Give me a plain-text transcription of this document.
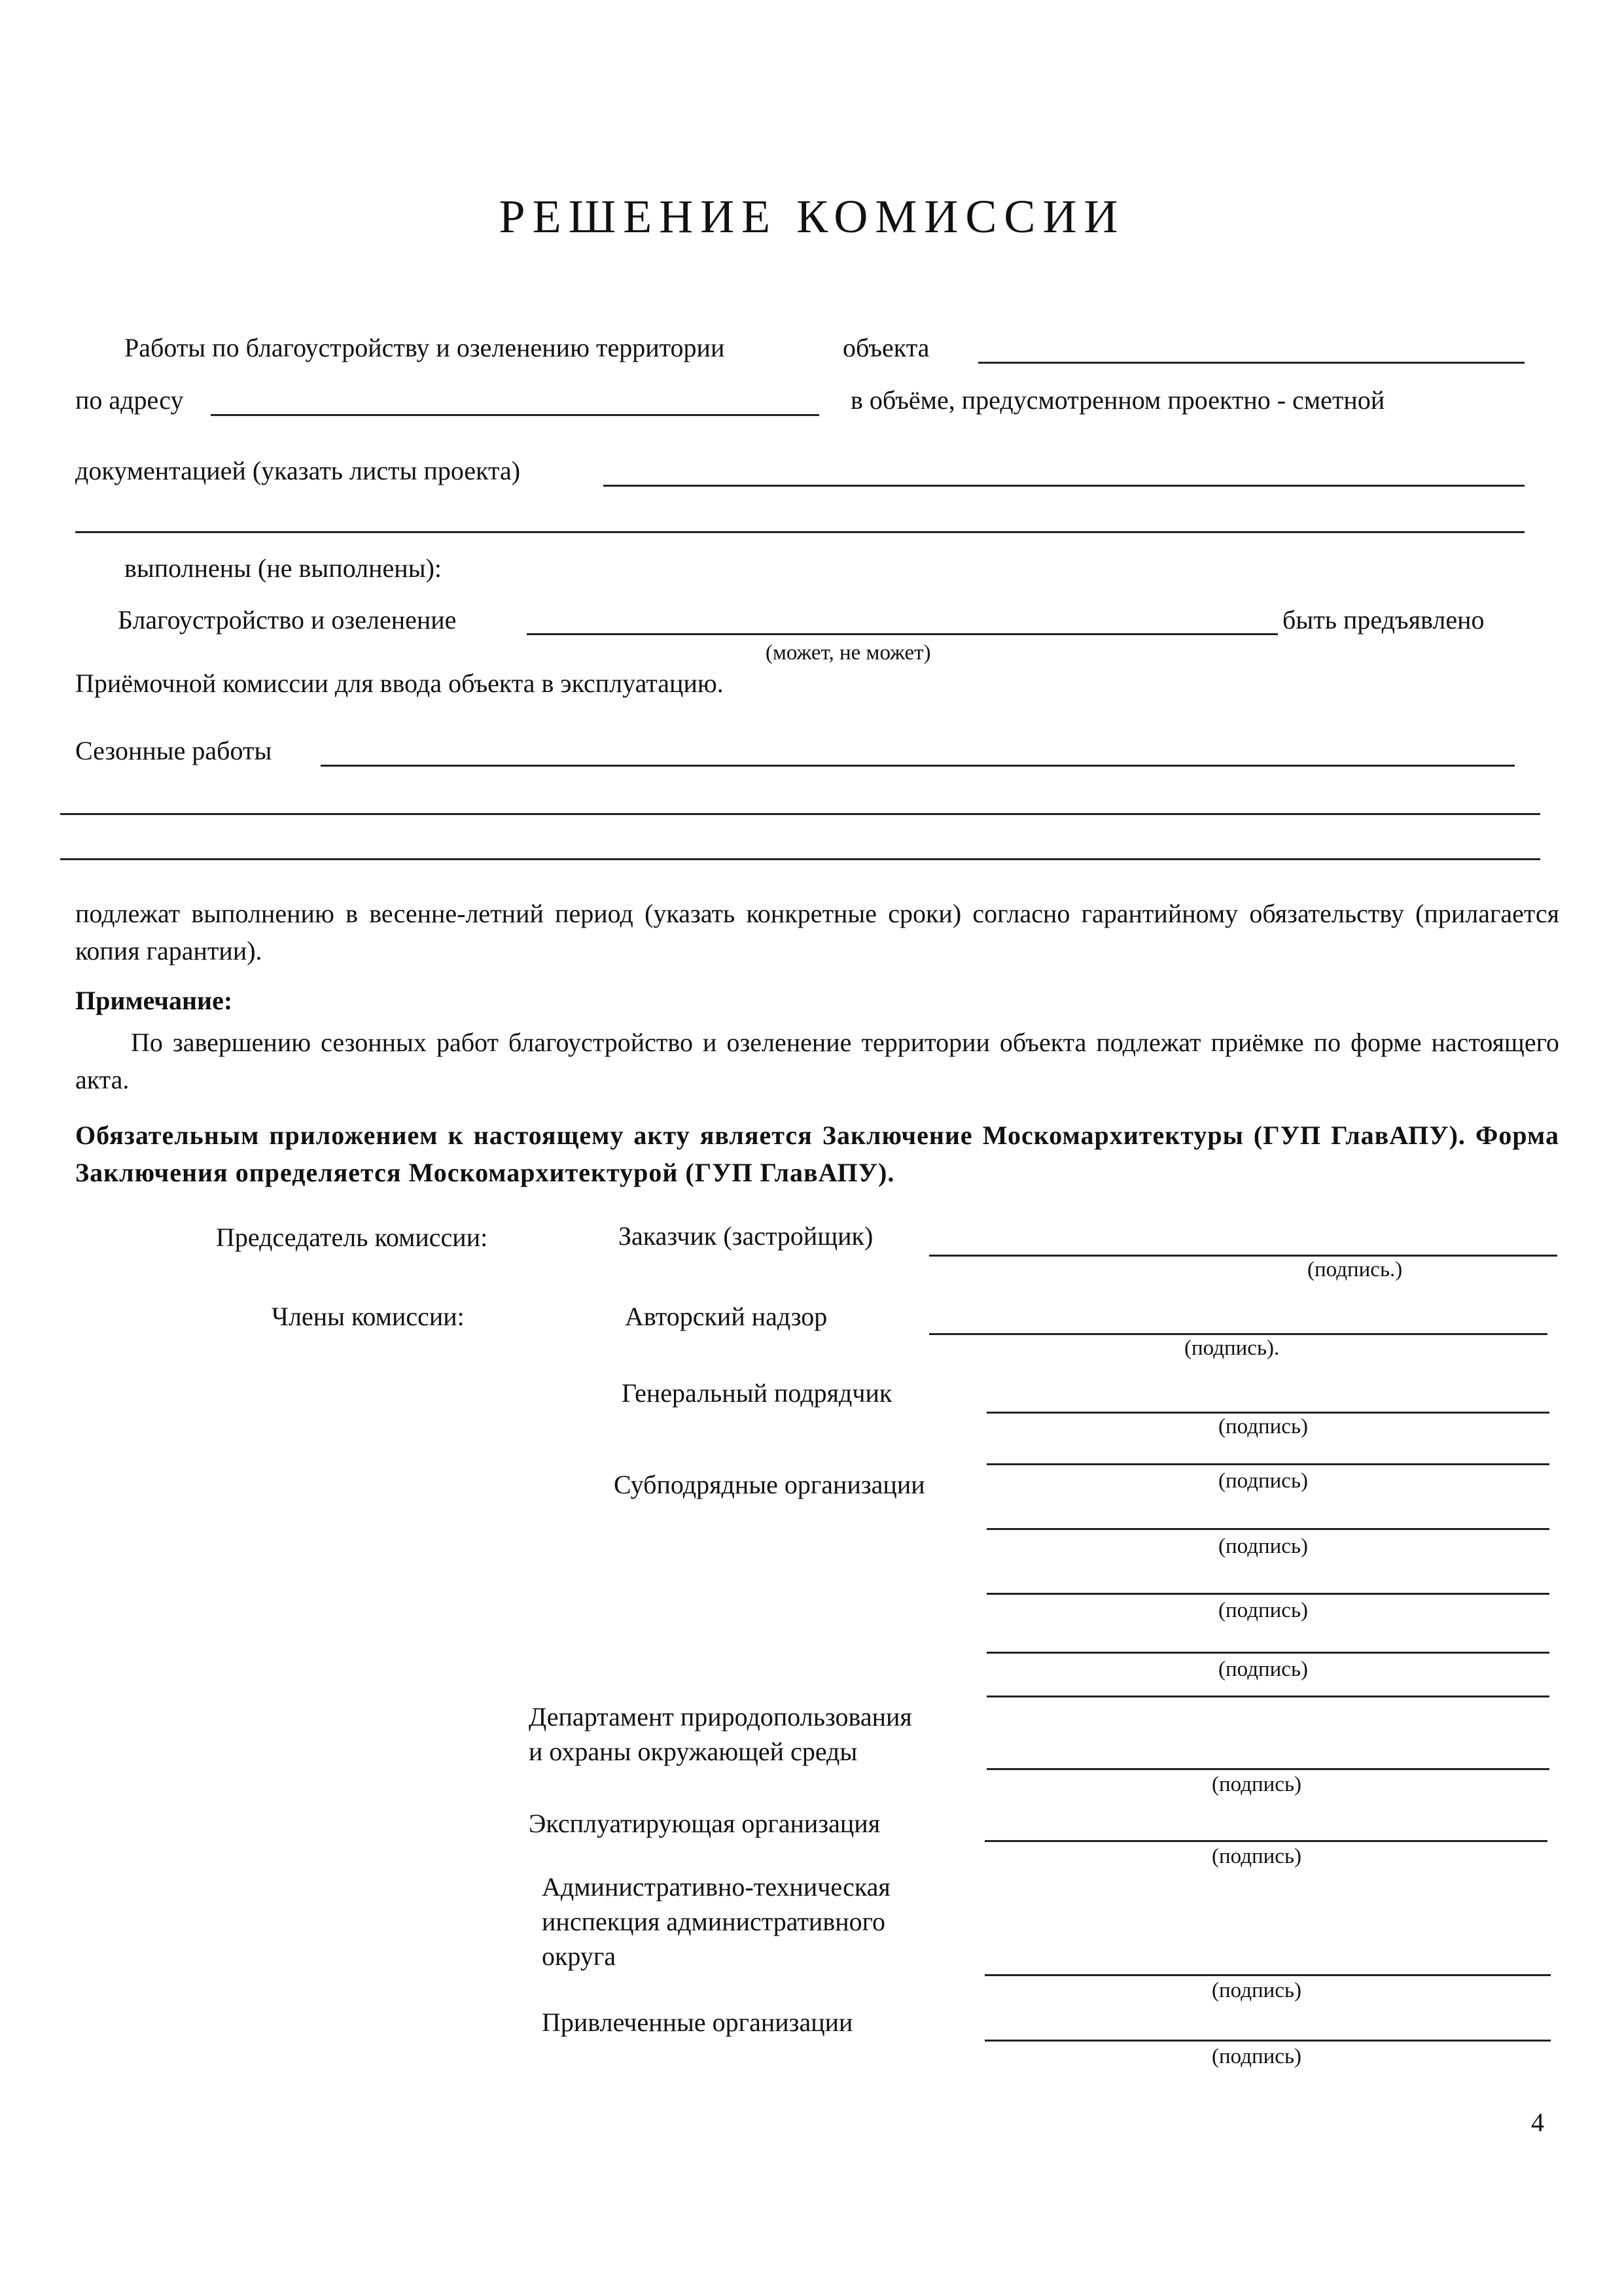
РЕШЕНИЕ КОМИССИИ
Работы по благоустройству и озеленению территории	объекта
по адресу	в объёме, предусмотренном проектно - сметной
документацией (указать листы проекта)
выполнены (не выполнены):
Благоустройство и озеленение	быть предъявлено
(может, не может)
Приёмочной комиссии для ввода объекта в эксплуатацию.
Сезонные работы
подлежат выполнению в весенне-летний период (указать конкретные сроки) согласно гарантийному обязательству (прилагается копия гарантии).
Примечание:
По завершению сезонных работ благоустройство и озеленение территории объекта подлежат приёмке по форме настоящего акта.
Обязательным приложением к настоящему акту является Заключение Москомархитектуры (ГУП ГлавАПУ). Форма Заключения определяется Москомархитектурой (ГУП ГлавАПУ).
Председатель комиссии:	Заказчик (застройщик)
(подпись.)
Члены комиссии:	Авторский надзор
(подпись).
Генеральный подрядчик
(подпись)
Субподрядные организации	(подпись)
(подпись)
(подпись)
(подпись)
Департамент природопользования
и охраны окружающей среды
(подпись)
Эксплуатирующая организация
(подпись)
Административно-техническая
инспекция административного
округа
(подпись)
Привлеченные организации
(подпись)
4
